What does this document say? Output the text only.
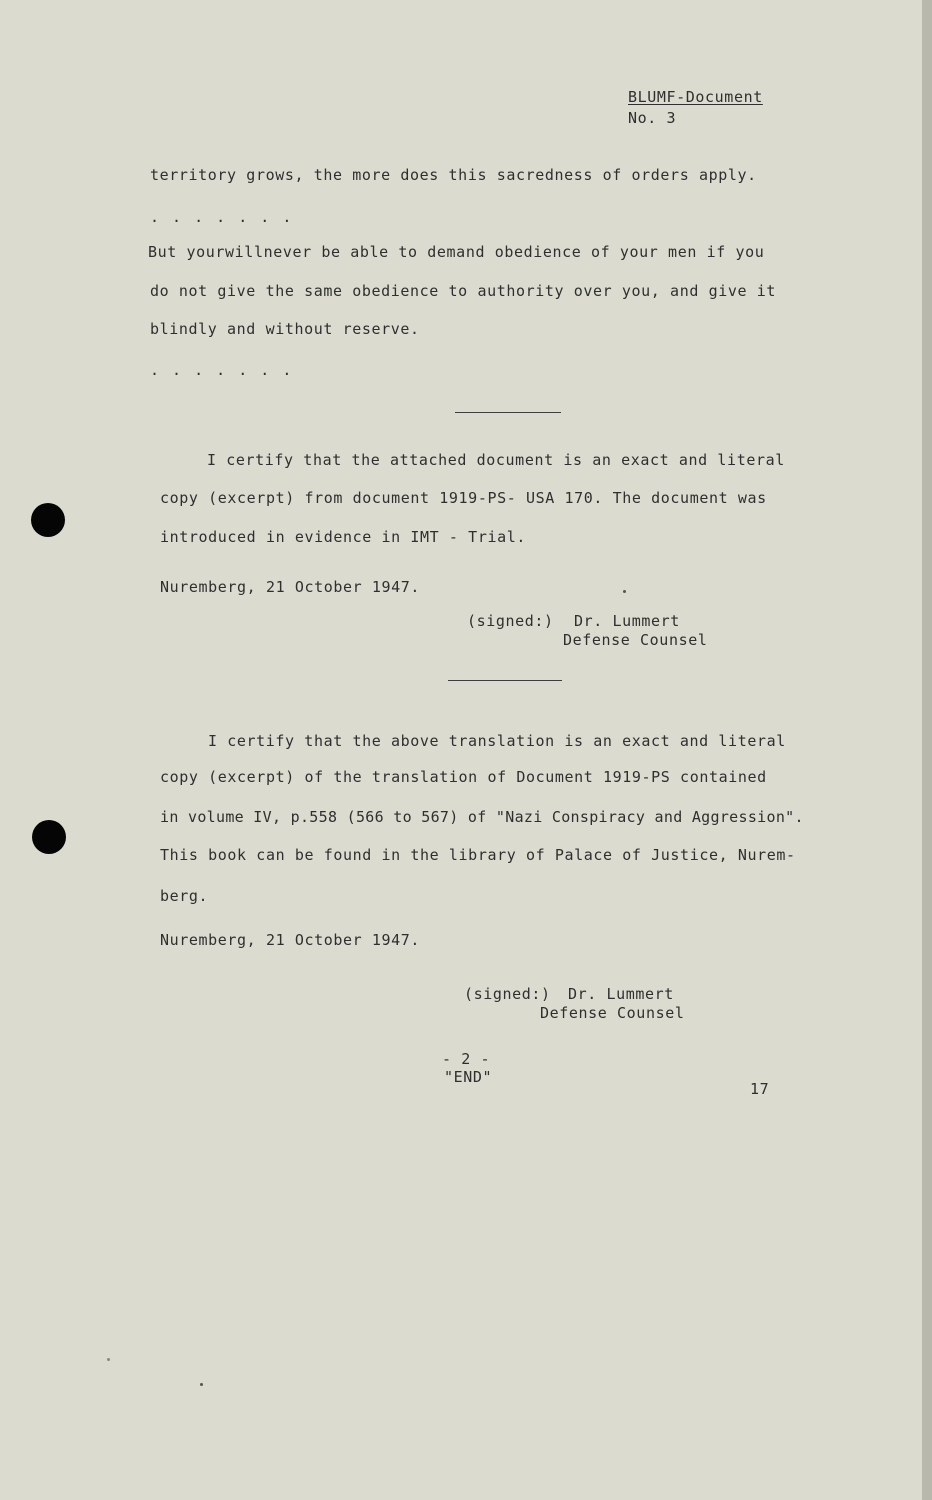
BLUMF-Document
No. 3
territory grows, the more does this sacredness of orders apply.
. . . . . . .
But yourwillnever be able to demand obedience of your men if you
do not give the same obedience to authority over you, and give it
blindly and without reserve.
. . . . . . .
I certify that the attached document is an exact and literal
copy (excerpt) from document 1919-PS- USA 170. The document was
introduced in evidence in IMT - Trial.
Nuremberg, 21 October 1947.
(signed:) Dr. Lummert
Defense Counsel
I certify that the above translation is an exact and literal
copy (excerpt) of the translation of Document 1919-PS contained
in volume IV, p.558 (566 to 567) of "Nazi Conspiracy and Aggression".
This book can be found in the library of Palace of Justice, Nurem-
berg.
Nuremberg, 21 October 1947.
(signed:) Dr. Lummert
Defense Counsel
- 2 -
"END"
17
